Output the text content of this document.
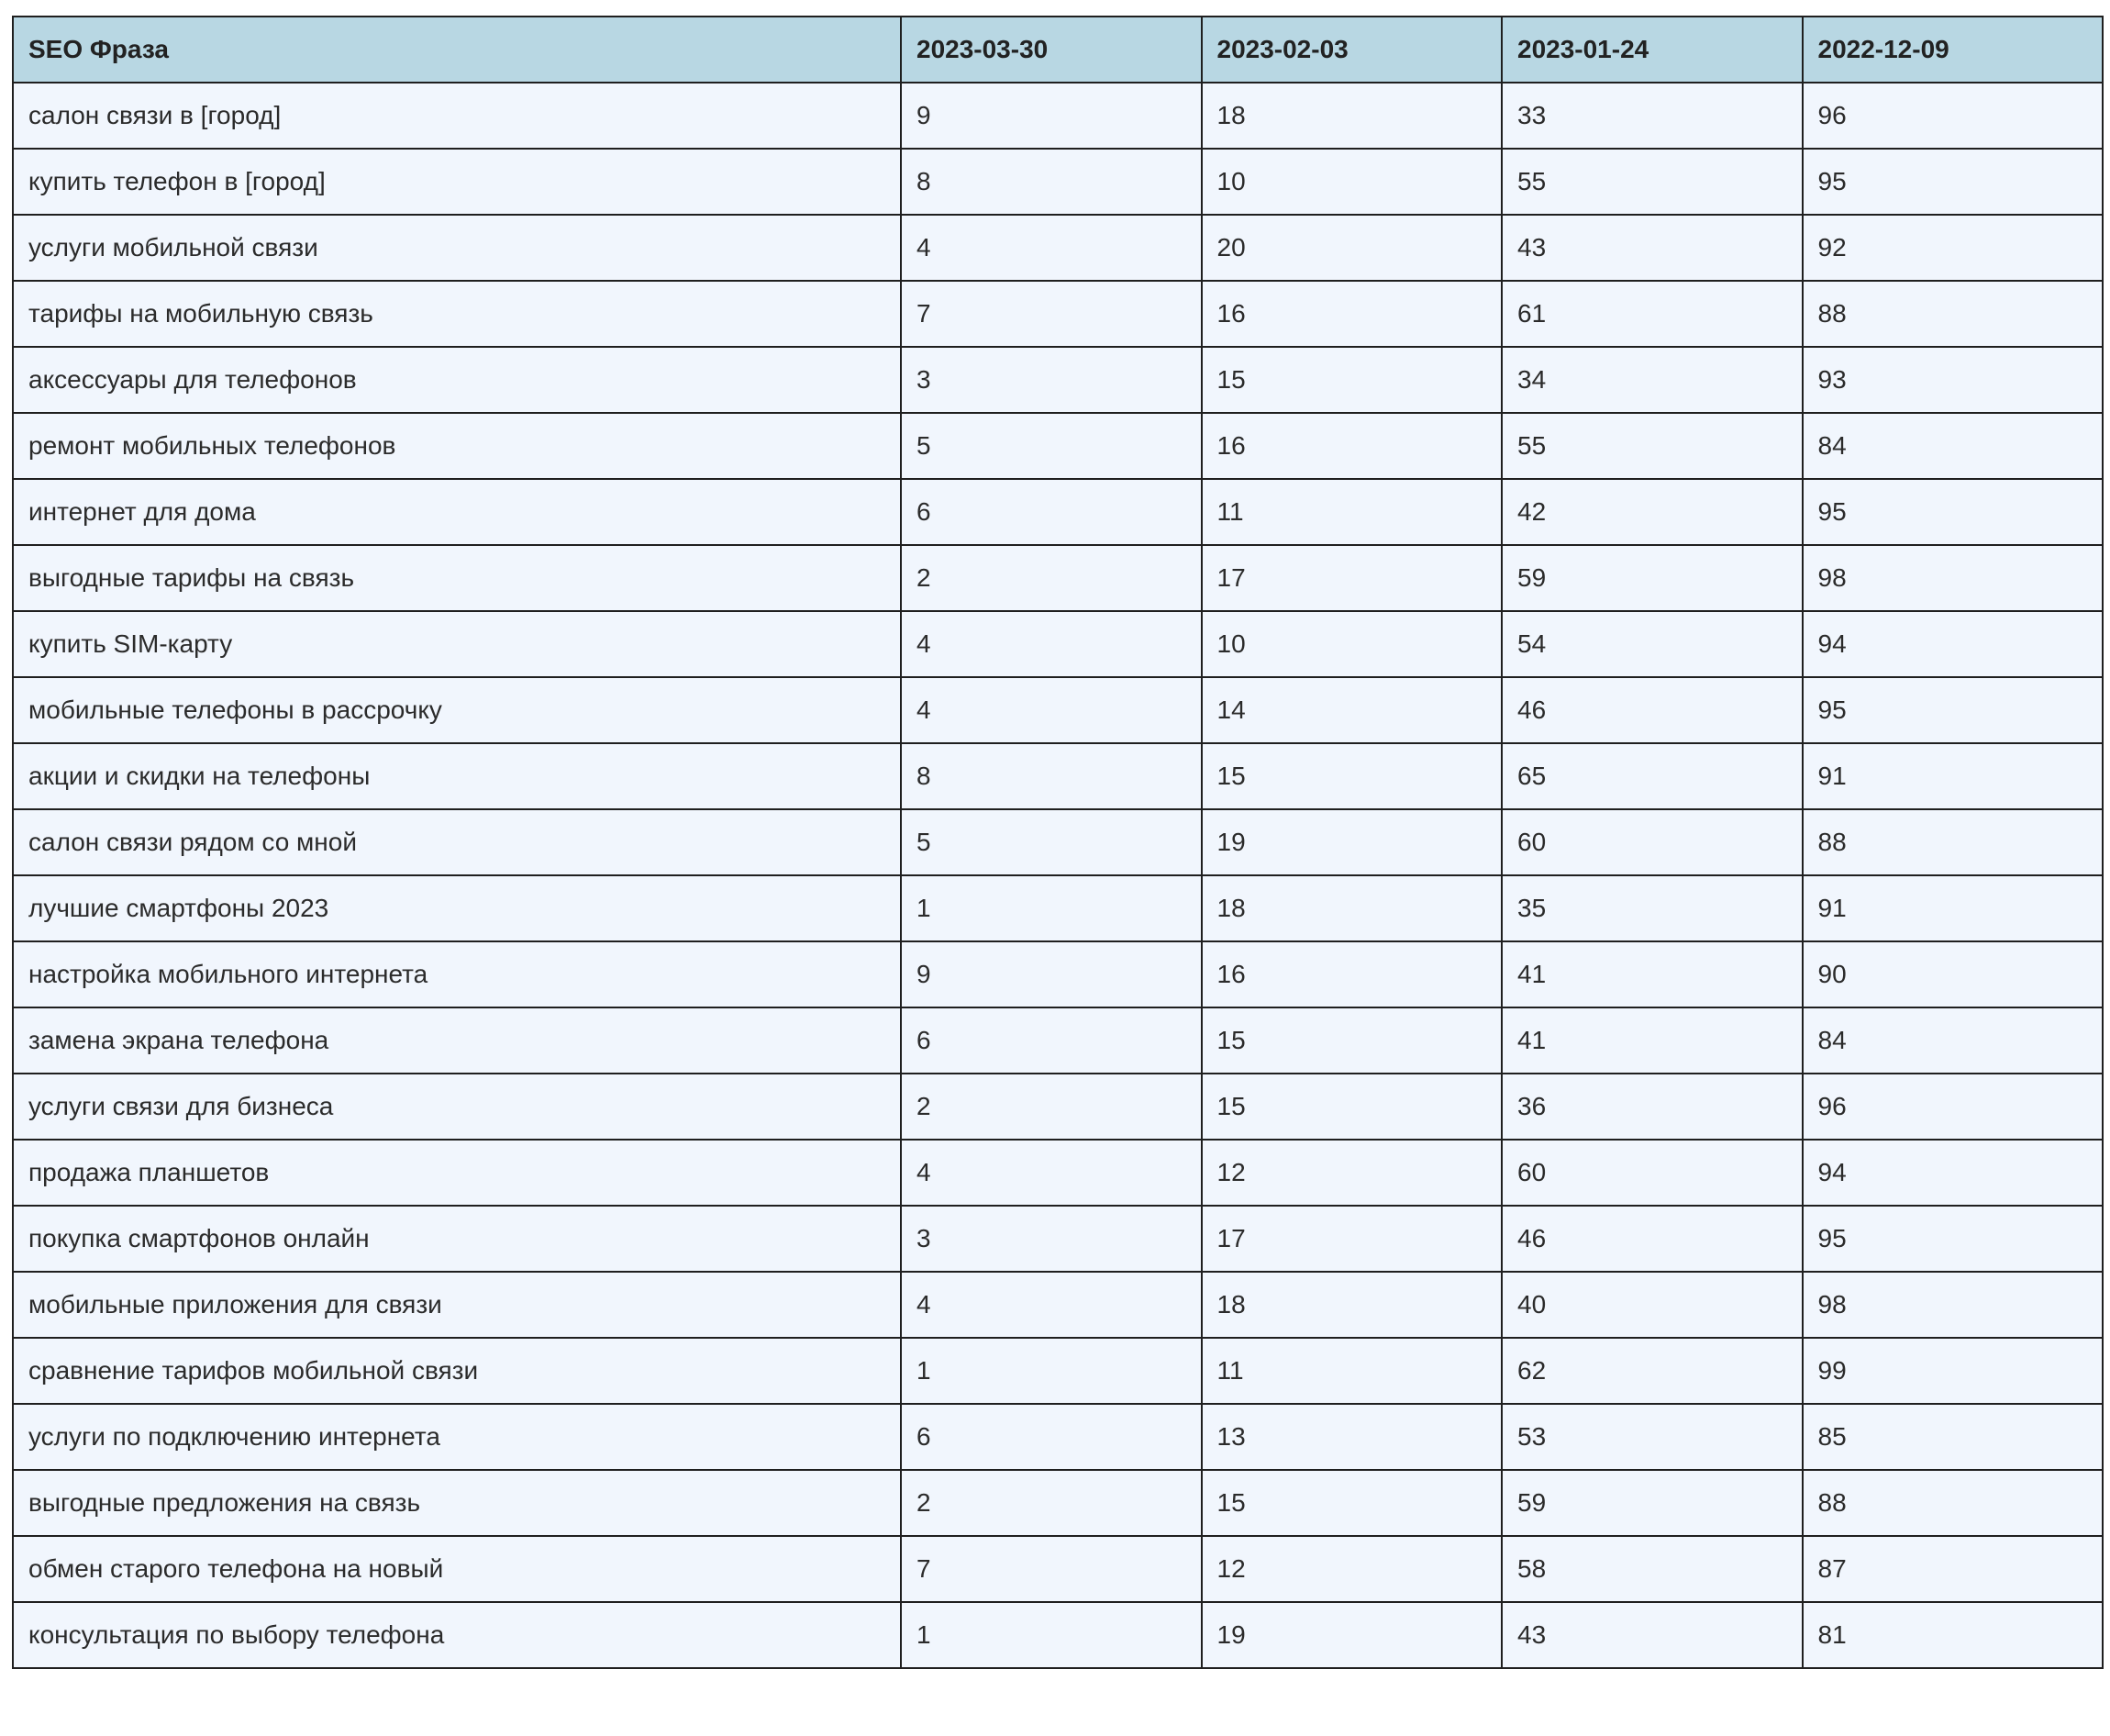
SEO Фраза	2023-03-30	2023-02-03	2023-01-24	2022-12-09
салон связи в [город]	9	18	33	96
купить телефон в [город]	8	10	55	95
услуги мобильной связи	4	20	43	92
тарифы на мобильную связь	7	16	61	88
аксессуары для телефонов	3	15	34	93
ремонт мобильных телефонов	5	16	55	84
интернет для дома	6	11	42	95
выгодные тарифы на связь	2	17	59	98
купить SIM-карту	4	10	54	94
мобильные телефоны в рассрочку	4	14	46	95
акции и скидки на телефоны	8	15	65	91
салон связи рядом со мной	5	19	60	88
лучшие смартфоны 2023	1	18	35	91
настройка мобильного интернета	9	16	41	90
замена экрана телефона	6	15	41	84
услуги связи для бизнеса	2	15	36	96
продажа планшетов	4	12	60	94
покупка смартфонов онлайн	3	17	46	95
мобильные приложения для связи	4	18	40	98
сравнение тарифов мобильной связи	1	11	62	99
услуги по подключению интернета	6	13	53	85
выгодные предложения на связь	2	15	59	88
обмен старого телефона на новый	7	12	58	87
консультация по выбору телефона	1	19	43	81
